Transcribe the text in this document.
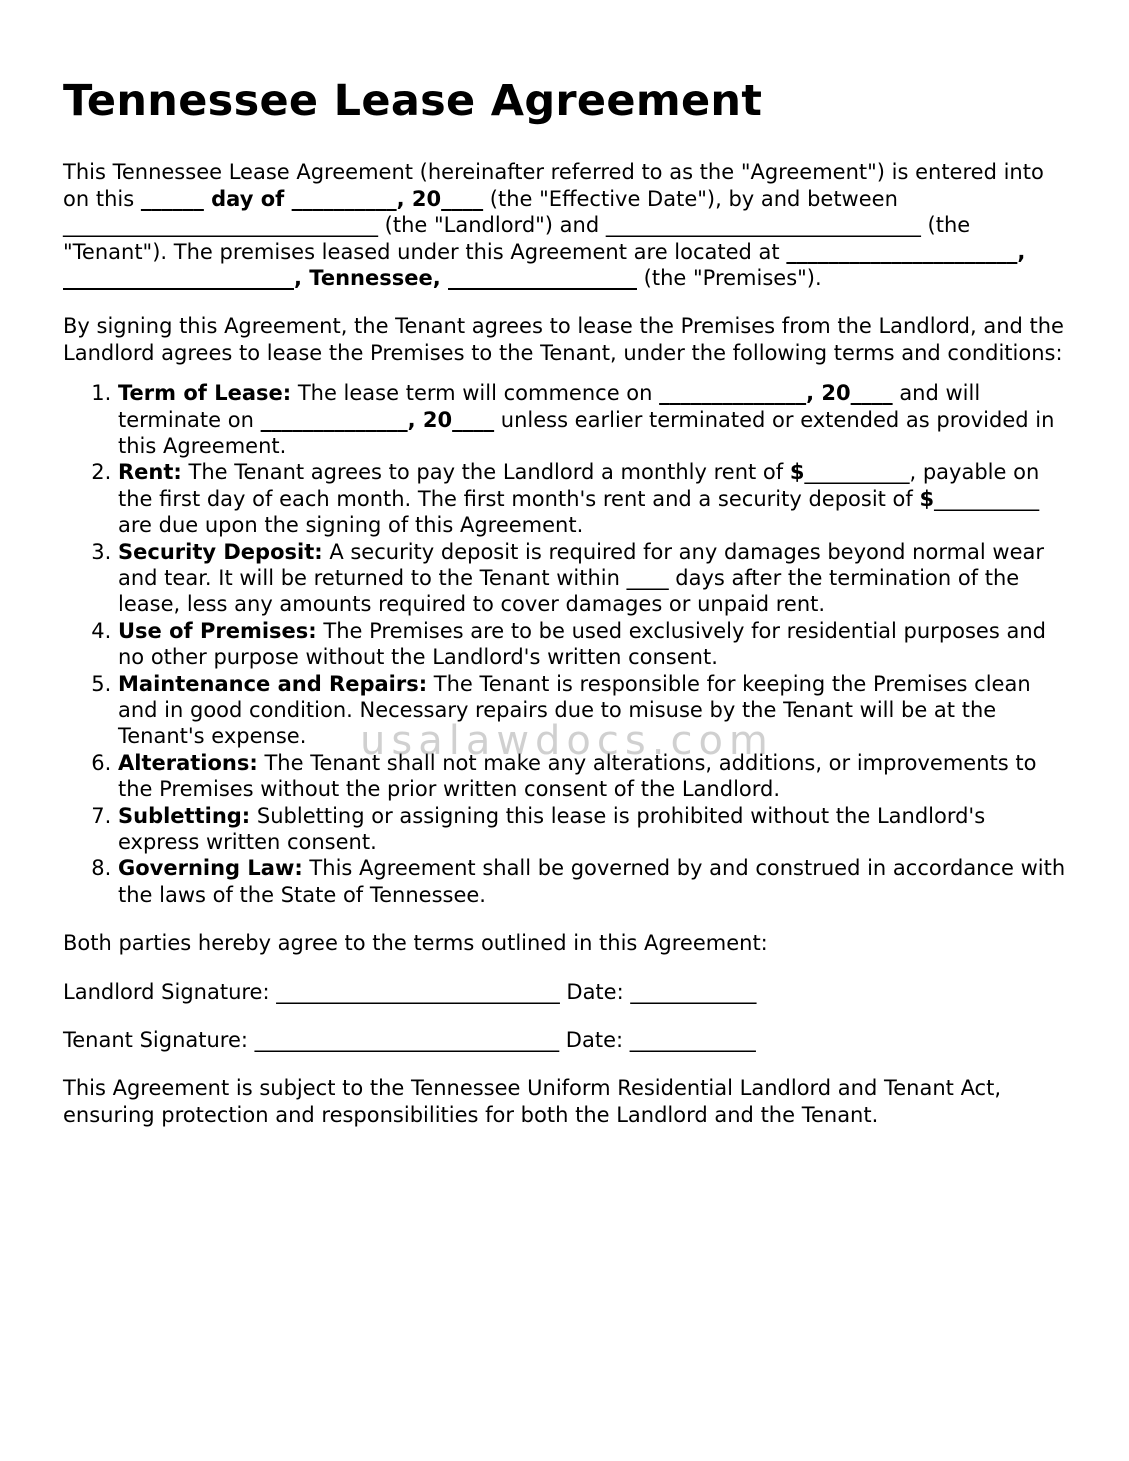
Tennessee Lease Agreement

This Tennessee Lease Agreement (hereinafter referred to as the "Agreement") is entered into on this ______ day of __________, 20____ (the "Effective Date"), by and between ______________________________ (the "Landlord") and ______________________________ (the "Tenant"). The premises leased under this Agreement are located at ______________________, ______________________, Tennessee, __________________ (the "Premises").

By signing this Agreement, the Tenant agrees to lease the Premises from the Landlord, and the Landlord agrees to lease the Premises to the Tenant, under the following terms and conditions:

1. Term of Lease: The lease term will commence on ______________, 20____ and will terminate on ______________, 20____ unless earlier terminated or extended as provided in this Agreement.
2. Rent: The Tenant agrees to pay the Landlord a monthly rent of $__________, payable on the first day of each month. The first month's rent and a security deposit of $__________ are due upon the signing of this Agreement.
3. Security Deposit: A security deposit is required for any damages beyond normal wear and tear. It will be returned to the Tenant within ____ days after the termination of the lease, less any amounts required to cover damages or unpaid rent.
4. Use of Premises: The Premises are to be used exclusively for residential purposes and no other purpose without the Landlord's written consent.
5. Maintenance and Repairs: The Tenant is responsible for keeping the Premises clean and in good condition. Necessary repairs due to misuse by the Tenant will be at the Tenant's expense.
6. Alterations: The Tenant shall not make any alterations, additions, or improvements to the Premises without the prior written consent of the Landlord.
7. Subletting: Subletting or assigning this lease is prohibited without the Landlord's express written consent.
8. Governing Law: This Agreement shall be governed by and construed in accordance with the laws of the State of Tennessee.

Both parties hereby agree to the terms outlined in this Agreement:

Landlord Signature: ___________________________ Date: ____________

Tenant Signature: _____________________________ Date: ____________

This Agreement is subject to the Tennessee Uniform Residential Landlord and Tenant Act, ensuring protection and responsibilities for both the Landlord and the Tenant.

usalawdocs.com
